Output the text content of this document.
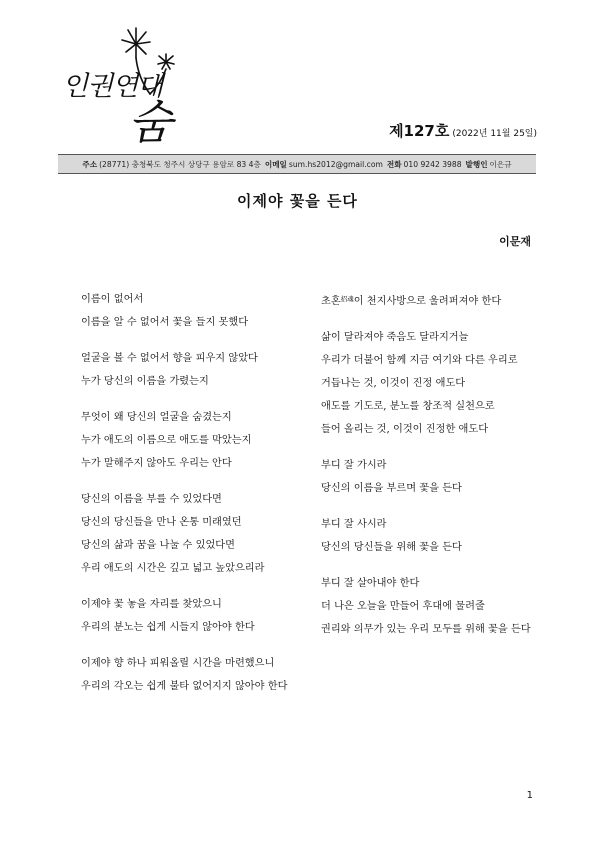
인권연대
숨	제127호 (2022년 11월 25일)
주소 (28771) 충청북도 청주시 상당구 용암로 83 4층 이메일 sum.hs2012@gmail.com 전화 010 9242 3988 발행인 이은규
이제야 꽃을 든다
이문재
이름이 없어서
이름을 알 수 없어서 꽃을 들지 못했다
얼굴을 볼 수 없어서 향을 피우지 않았다
누가 당신의 이름을 가렸는지
무엇이 왜 당신의 얼굴을 숨겼는지
누가 애도의 이름으로 애도를 막았는지
누가 말해주지 않아도 우리는 안다
당신의 이름을 부를 수 있었다면
당신의 당신들을 만나 온통 미래였던
당신의 삶과 꿈을 나눌 수 있었다면
우리 애도의 시간은 깊고 넓고 높았으리라
이제야 꽃 놓을 자리를 찾았으니
우리의 분노는 쉽게 시들지 않아야 한다
이제야 향 하나 피워올릴 시간을 마련했으니
우리의 각오는 쉽게 불타 없어지지 않아야 한다
초혼$^{招魂}$이 천지사방으로 울려퍼져야 한다
삶이 달라져야 죽음도 달라지거늘
우리가 더불어 함께 지금 여기와 다른 우리로
거듭나는 것, 이것이 진정 애도다
애도를 기도로, 분노를 창조적 실천으로
들어 올리는 것, 이것이 진정한 애도다
부디 잘 가시라
당신의 이름을 부르며 꽃을 든다
부디 잘 사시라
당신의 당신들을 위해 꽃을 든다
부디 잘 살아내야 한다
더 나은 오늘을 만들어 후대에 물려줄
권리와 의무가 있는 우리 모두를 위해 꽃을 든다
1
